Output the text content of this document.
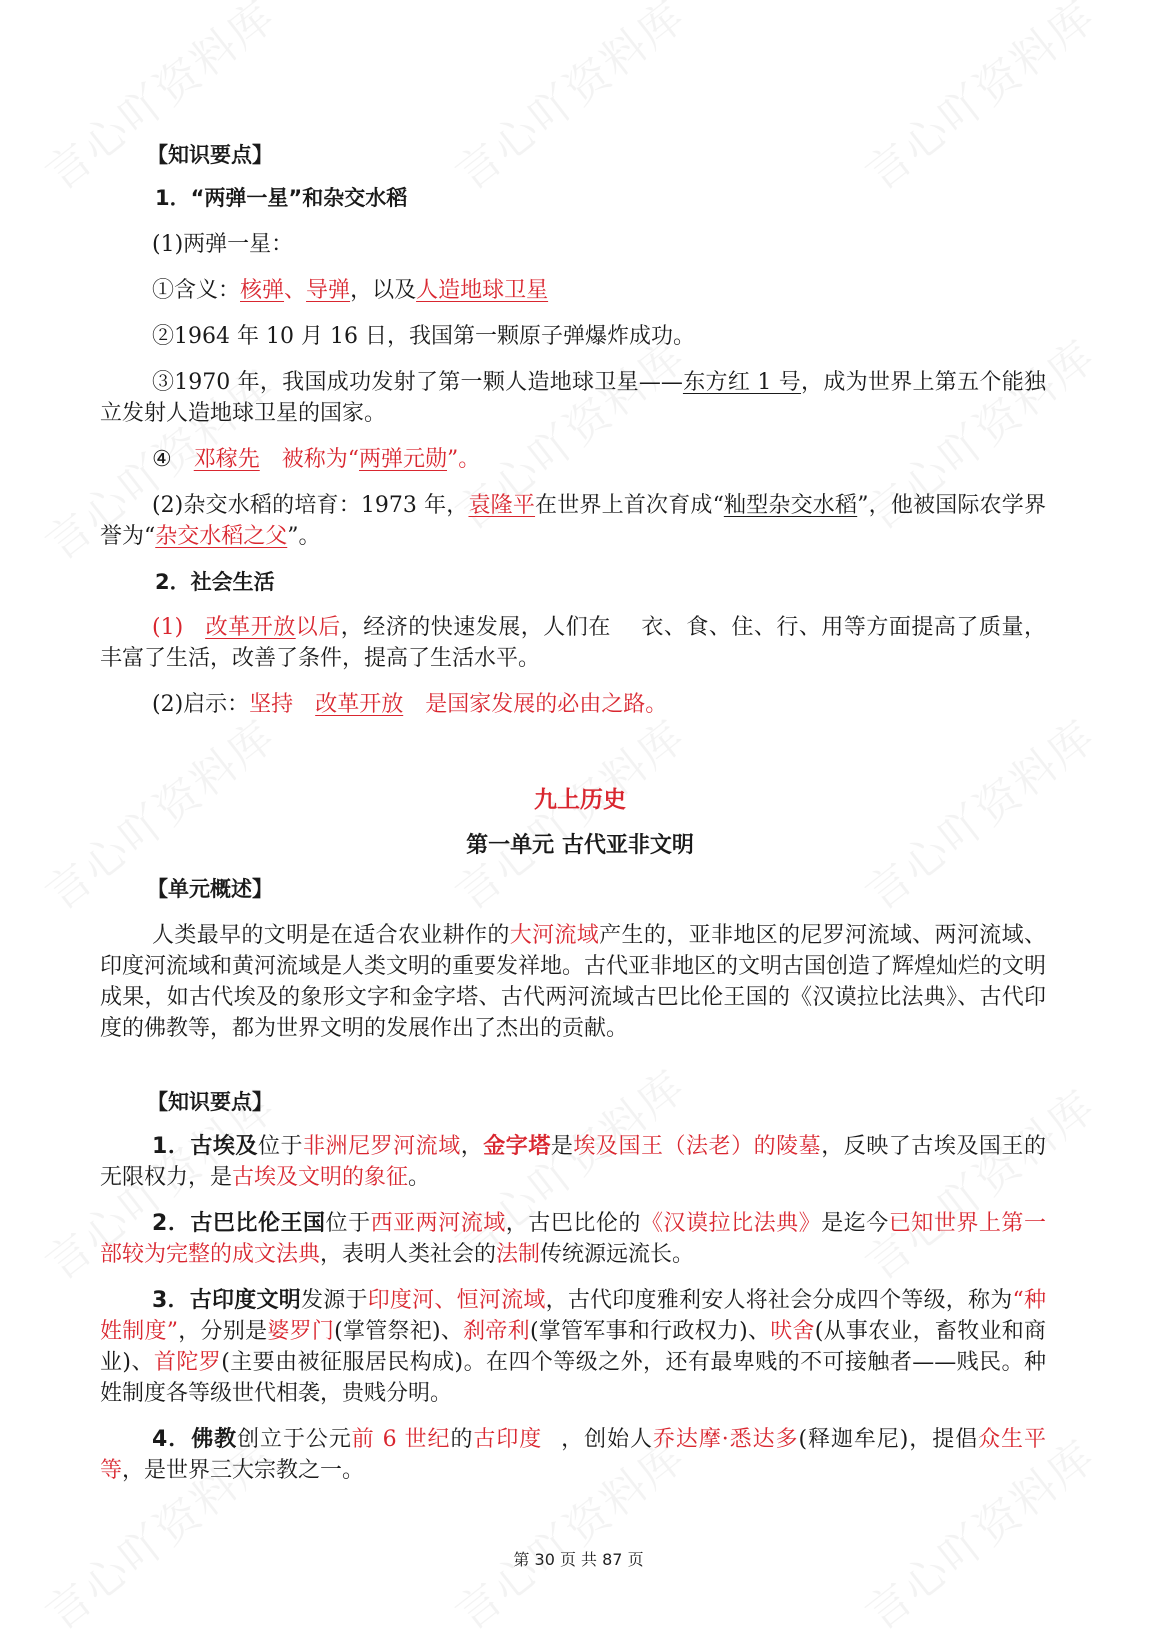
【知识要点】
1．“两弹一星”和杂交水稻
(1)两弹一星：
①含义：核弹、导弹，以及人造地球卫星
②1964 年 10 月 16 日，我国第一颗原子弹爆炸成功。
③1970 年，我国成功发射了第一颗人造地球卫星——东方红 1 号，成为世界上第五个能独立发射人造地球卫星的国家。
④ 邓稼先 被称为“两弹元勋”。
(2)杂交水稻的培育：1973 年，袁隆平在世界上首次育成“籼型杂交水稻”，他被国际农学界誉为“杂交水稻之父”。
2．社会生活
(1) 改革开放以后，经济的快速发展，人们在 衣、食、住、行、用等方面提高了质量，丰富了生活，改善了条件，提高了生活水平。
(2)启示：坚持 改革开放 是国家发展的必由之路。
九上历史
第一单元 古代亚非文明
【单元概述】
人类最早的文明是在适合农业耕作的大河流域产生的，亚非地区的尼罗河流域、两河流域、印度河流域和黄河流域是人类文明的重要发祥地。古代亚非地区的文明古国创造了辉煌灿烂的文明成果，如古代埃及的象形文字和金字塔、古代两河流域古巴比伦王国的《汉谟拉比法典》、古代印度的佛教等，都为世界文明的发展作出了杰出的贡献。
【知识要点】
1．古埃及位于非洲尼罗河流域，金字塔是埃及国王（法老）的陵墓，反映了古埃及国王的无限权力，是古埃及文明的象征。
2．古巴比伦王国位于西亚两河流域，古巴比伦的《汉谟拉比法典》是迄今已知世界上第一部较为完整的成文法典，表明人类社会的法制传统源远流长。
3．古印度文明发源于印度河、恒河流域，古代印度雅利安人将社会分成四个等级，称为“种姓制度”，分别是婆罗门(掌管祭祀)、刹帝利(掌管军事和行政权力)、吠舍(从事农业，畜牧业和商业)、首陀罗(主要由被征服居民构成)。在四个等级之外，还有最卑贱的不可接触者——贱民。种姓制度各等级世代相袭，贵贱分明。
4．佛教创立于公元前 6 世纪的古印度 ，创始人乔达摩·悉达多(释迦牟尼)，提倡众生平等，是世界三大宗教之一。
第 30 页 共 87 页
